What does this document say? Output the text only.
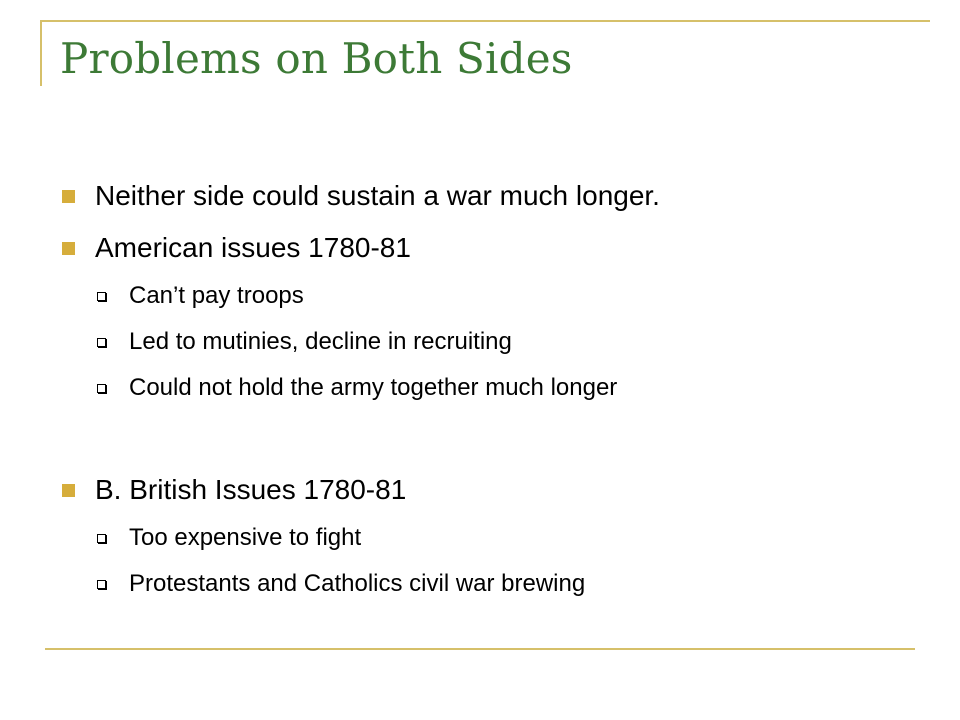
Problems on Both Sides
Neither side could sustain a war much longer.
American issues 1780-81
Can’t pay troops
Led to mutinies, decline in recruiting
Could not hold the army together much longer
B. British Issues 1780-81
Too expensive to fight
Protestants and Catholics civil war brewing
